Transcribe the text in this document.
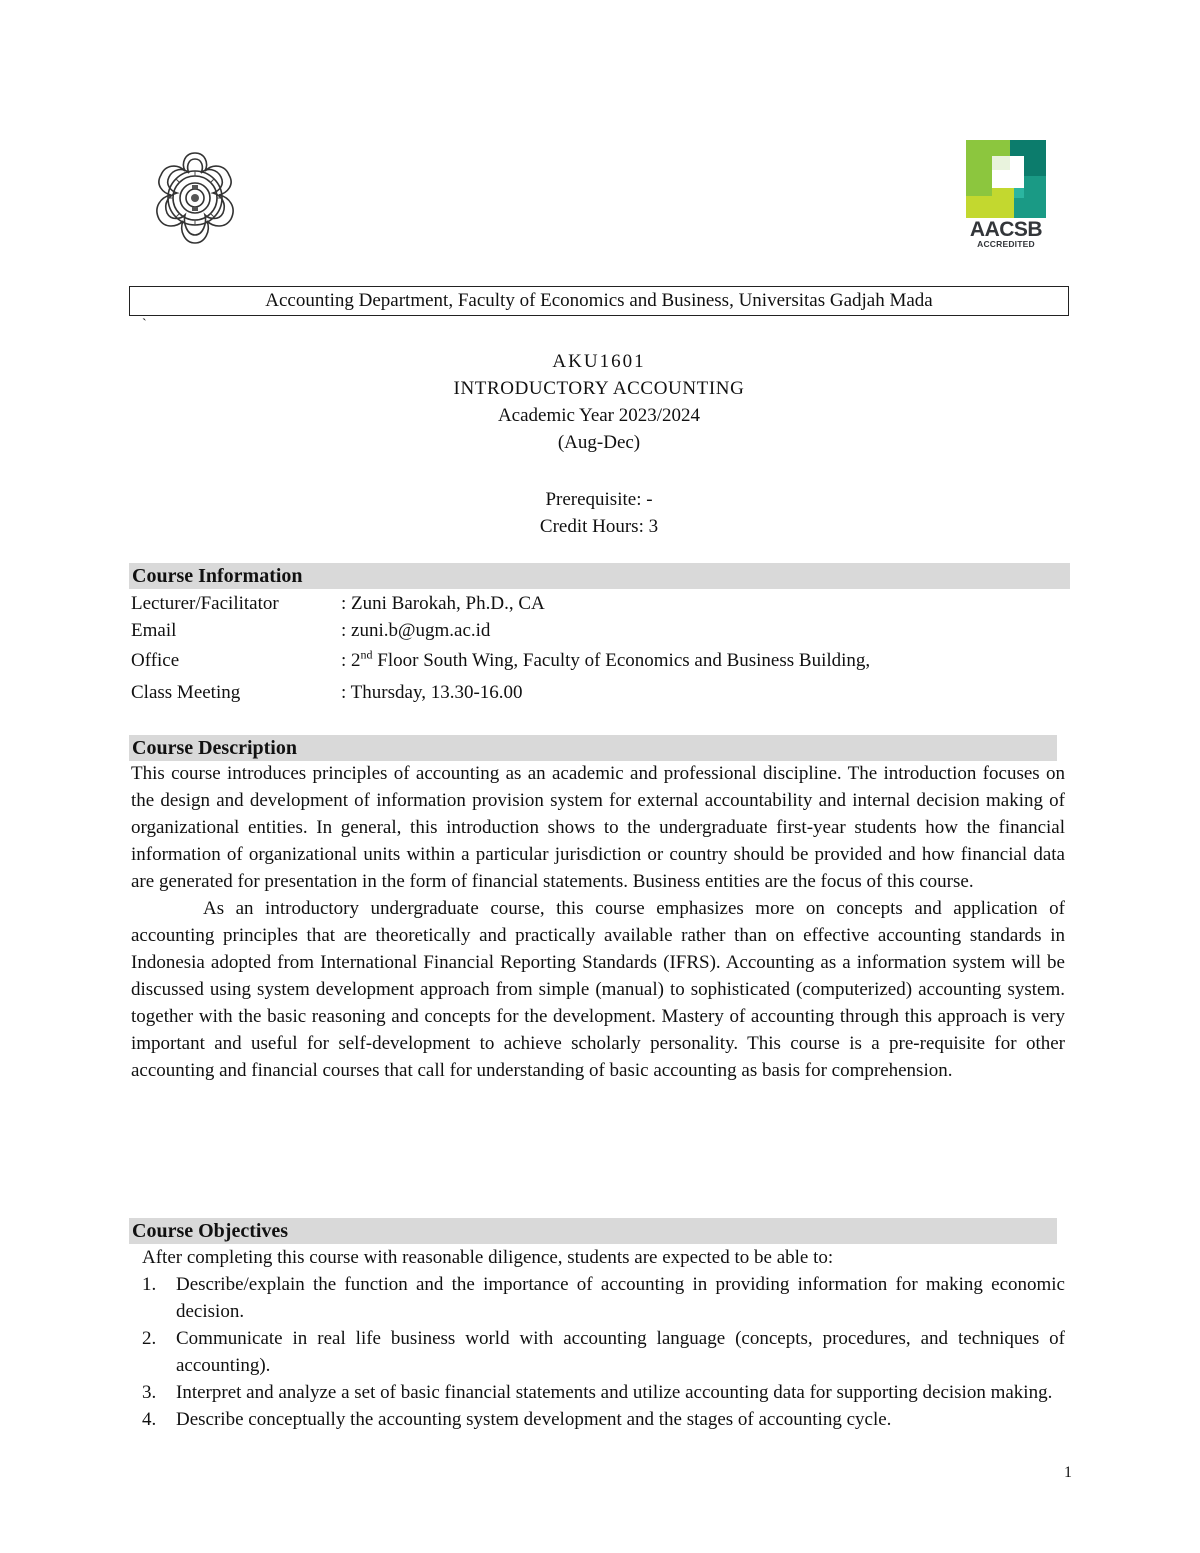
AACSB
ACCREDITED
Accounting Department, Faculty of Economics and Business, Universitas Gadjah Mada
`
AKU1601
INTRODUCTORY ACCOUNTING
Academic Year 2023/2024
(Aug-Dec)
Prerequisite: -
Credit Hours: 3
Course Information
Lecturer/Facilitator	: Zuni Barokah, Ph.D., CA
Email	: zuni.b@ugm.ac.id
Office	: 2nd Floor South Wing, Faculty of Economics and Business Building,
Class Meeting	: Thursday, 13.30-16.00
Course Description

This course introduces principles of accounting as an academic and professional discipline. The introduction focuses on the design and development of information provision system for external accountability and internal decision making of organizational entities. In general, this introduction shows to the undergraduate first-year students how the financial information of organizational units within a particular jurisdiction or country should be provided and how financial data are generated for presentation in the form of financial statements. Business entities are the focus of this course.

As an introductory undergraduate course, this course emphasizes more on concepts and application of accounting principles that are theoretically and practically available rather than on effective accounting standards in Indonesia adopted from International Financial Reporting Standards (IFRS). Accounting as a information system will be discussed using system development approach from simple (manual) to sophisticated (computerized) accounting system. together with the basic reasoning and concepts for the development. Mastery of accounting through this approach is very important and useful for self-development to achieve scholarly personality. This course is a pre-requisite for other accounting and financial courses that call for understanding of basic accounting as basis for comprehension.

Course Objectives
After completing this course with reasonable diligence, students are expected to be able to:
1. Describe/explain the function and the importance of accounting in providing information for making economic decision.
2. Communicate in real life business world with accounting language (concepts, procedures, and techniques of accounting).
3. Interpret and analyze a set of basic financial statements and utilize accounting data for supporting decision making.
4. Describe conceptually the accounting system development and the stages of accounting cycle.
1
